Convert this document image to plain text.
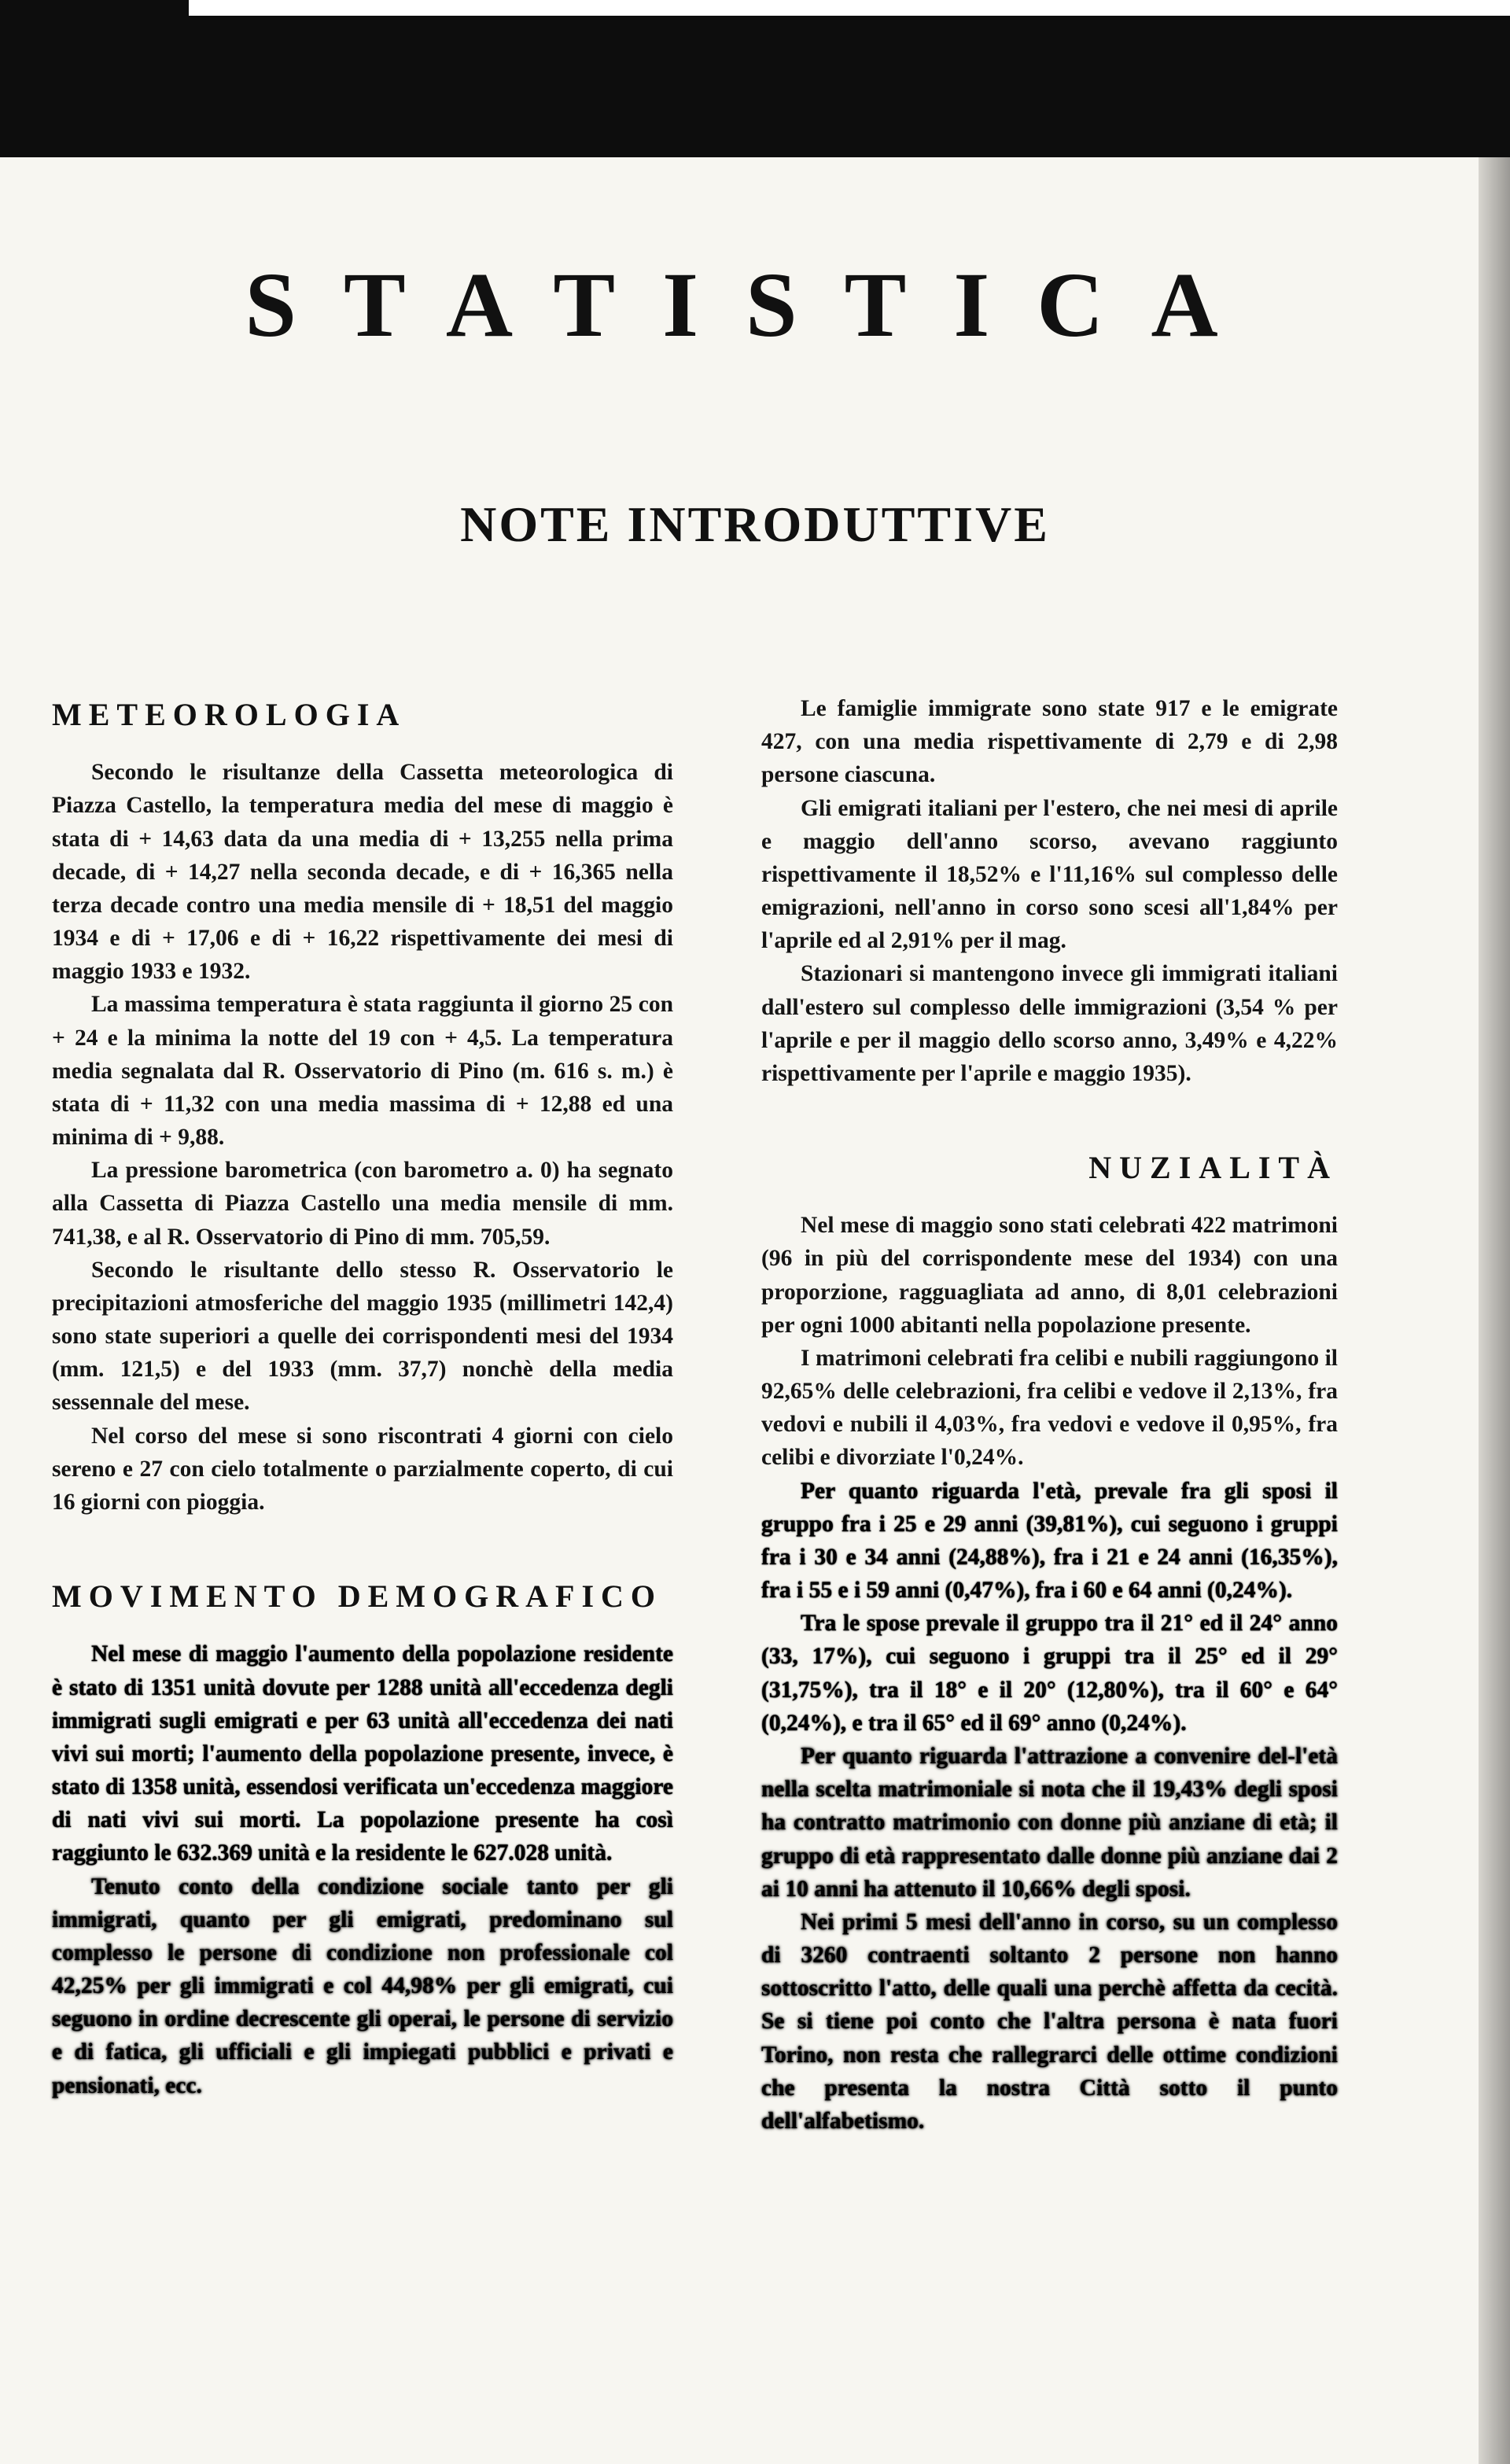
STATISTICA
NOTE INTRODUTTIVE
METEOROLOGIA

Secondo le risultanze della Cassetta meteorologica di Piazza Castello, la temperatura media del mese di maggio è stata di + 14,63 data da una media di + 13,255 nella prima decade, di + 14,27 nella seconda decade, e di + 16,365 nella terza decade contro una media mensile di + 18,51 del maggio 1934 e di + 17,06 e di + 16,22 rispettivamente dei mesi di maggio 1933 e 1932.

La massima temperatura è stata raggiunta il giorno 25 con + 24 e la minima la notte del 19 con + 4,5. La temperatura media segnalata dal R. Osservatorio di Pino (m. 616 s. m.) è stata di + 11,32 con una media massima di + 12,88 ed una minima di + 9,88.

La pressione barometrica (con barometro a. 0) ha segnato alla Cassetta di Piazza Castello una media mensile di mm. 741,38, e al R. Osservatorio di Pino di mm. 705,59.

Secondo le risultante dello stesso R. Osservatorio le precipitazioni atmosferiche del maggio 1935 (millimetri 142,4) sono state superiori a quelle dei corrispondenti mesi del 1934 (mm. 121,5) e del 1933 (mm. 37,7) nonchè della media sessennale del mese.

Nel corso del mese si sono riscontrati 4 giorni con cielo sereno e 27 con cielo totalmente o parzialmente coperto, di cui 16 giorni con pioggia.

MOVIMENTO DEMOGRAFICO

Nel mese di maggio l'aumento della popolazione residente è stato di 1351 unità dovute per 1288 unità all'eccedenza degli immigrati sugli emigrati e per 63 unità all'eccedenza dei nati vivi sui morti; l'aumento della popolazione presente, invece, è stato di 1358 unità, essendosi verificata un'eccedenza maggiore di nati vivi sui morti. La popolazione presente ha così raggiunto le 632.369 unità e la residente le 627.028 unità.

Tenuto conto della condizione sociale tanto per gli immigrati, quanto per gli emigrati, predominano sul complesso le persone di condizione non professionale col 42,25% per gli immigrati e col 44,98% per gli emigrati, cui seguono in ordine decrescente gli operai, le persone di servizio e di fatica, gli ufficiali e gli impiegati pubblici e privati e pensionati, ecc.

Le famiglie immigrate sono state 917 e le emigrate 427, con una media rispettivamente di 2,79 e di 2,98 persone ciascuna.

Gli emigrati italiani per l'estero, che nei mesi di aprile e maggio dell'anno scorso, avevano raggiunto rispettivamente il 18,52% e l'11,16% sul complesso delle emigrazioni, nell'anno in corso sono scesi all'1,84% per l'aprile ed al 2,91% per il mag.

Stazionari si mantengono invece gli immigrati italiani dall'estero sul complesso delle immigrazioni (3,54 % per l'aprile e per il maggio dello scorso anno, 3,49% e 4,22% rispettivamente per l'aprile e maggio 1935).

NUZIALITÀ

Nel mese di maggio sono stati celebrati 422 matrimoni (96 in più del corrispondente mese del 1934) con una proporzione, ragguagliata ad anno, di 8,01 celebrazioni per ogni 1000 abitanti nella popolazione presente.

I matrimoni celebrati fra celibi e nubili raggiungono il 92,65% delle celebrazioni, fra celibi e vedove il 2,13%, fra vedovi e nubili il 4,03%, fra vedovi e vedove il 0,95%, fra celibi e divorziate l'0,24%.

Per quanto riguarda l'età, prevale fra gli sposi il gruppo fra i 25 e 29 anni (39,81%), cui seguono i gruppi fra i 30 e 34 anni (24,88%), fra i 21 e 24 anni (16,35%), fra i 55 e i 59 anni (0,47%), fra i 60 e 64 anni (0,24%).

Tra le spose prevale il gruppo tra il 21° ed il 24° anno (33, 17%), cui seguono i gruppi tra il 25° ed il 29° (31,75%), tra il 18° e il 20° (12,80%), tra il 60° e 64° (0,24%), e tra il 65° ed il 69° anno (0,24%).

Per quanto riguarda l'attrazione a convenire del-l'età nella scelta matrimoniale si nota che il 19,43% degli sposi ha contratto matrimonio con donne più anziane di età; il gruppo di età rappresentato dalle donne più anziane dai 2 ai 10 anni ha attenuto il 10,66% degli sposi.

Nei primi 5 mesi dell'anno in corso, su un complesso di 3260 contraenti soltanto 2 persone non hanno sottoscritto l'atto, delle quali una perchè affetta da cecità. Se si tiene poi conto che l'altra persona è nata fuori Torino, non resta che rallegrarci delle ottime condizioni che presenta la nostra Città sotto il punto dell'alfabetismo.
